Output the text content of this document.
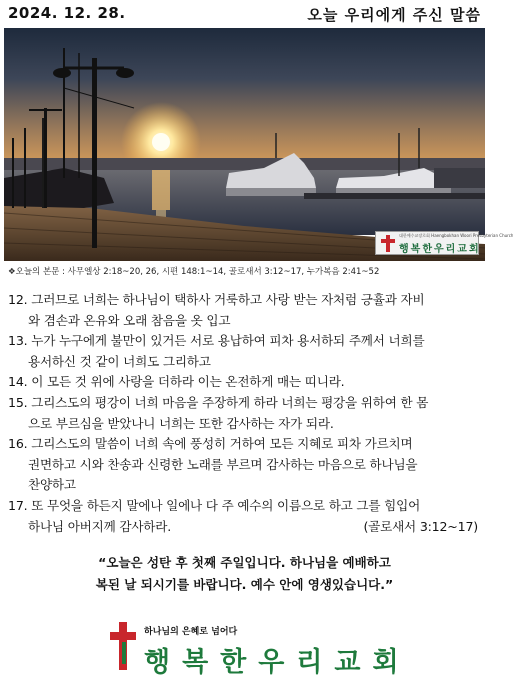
2024. 12. 28.	오늘 우리에게 주신 말씀
대한예수교장로회 Haengbokhan Woori Presbyterian Church
행복한우리교회
❖오늘의 본문 : 사무엘상 2:18~20, 26, 시편 148:1~14, 골로새서 3:12~17, 누가복음 2:41~52
12. 그러므로 너희는 하나님이 택하사 거룩하고 사랑 받는 자처럼 긍휼과 자비
와 겸손과 온유와 오래 참음을 옷 입고
13. 누가 누구에게 불만이 있거든 서로 용납하여 피차 용서하되 주께서 너희를
용서하신 것 같이 너희도 그리하고
14. 이 모든 것 위에 사랑을 더하라 이는 온전하게 매는 띠니라.
15. 그리스도의 평강이 너희 마음을 주장하게 하라 너희는 평강을 위하여 한 몸
으로 부르심을 받았나니 너희는 또한 감사하는 자가 되라.
16. 그리스도의 말씀이 너희 속에 풍성히 거하여 모든 지혜로 피차 가르치며
권면하고 시와 찬송과 신령한 노래를 부르며 감사하는 마음으로 하나님을
찬양하고
17. 또 무엇을 하든지 말에나 일에나 다 주 예수의 이름으로 하고 그를 힘입어
하나님 아버지께 감사하라.	(골로새서 3:12~17)
“오늘은 성탄 후 첫째 주일입니다. 하나님을 예배하고
복된 날 되시기를 바랍니다. 예수 안에 영생있습니다.”
하나님의 은혜로 넘어다
행복한우리교회
